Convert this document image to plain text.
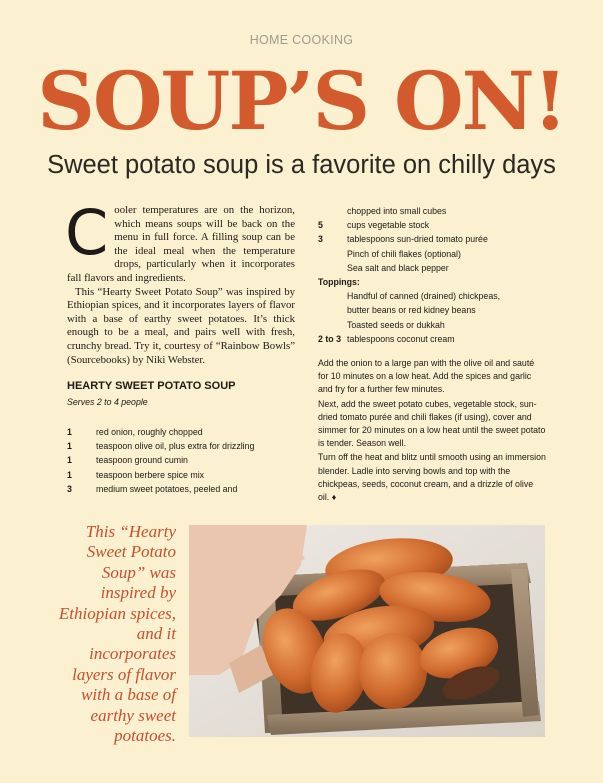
HOME COOKING
SOUP’S ON!
Sweet potato soup is a favorite on chilly days
C ooler temperatures are on the horizon, which means soups will be back on the menu in full force. A filling soup can be the ideal meal when the temperature drops, particularly when it incorporates fall flavors and ingredients.

This “Hearty Sweet Potato Soup” was inspired by Ethiopian spices, and it incorporates layers of flavor with a base of earthy sweet potatoes. It’s thick enough to be a meal, and pairs well with fresh, crunchy bread. Try it, courtesy of “Rainbow Bowls” (Sourcebooks) by Niki Webster.

HEARTY SWEET POTATO SOUP
Serves 2 to 4 people
1	red onion, roughly chopped
1	teaspoon olive oil, plus extra for drizzling
1	teaspoon ground cumin
1	teaspoon berbere spice mix
3	medium sweet potatoes, peeled and
chopped into small cubes
5	cups vegetable stock
3	tablespoons sun-dried tomato purée
Pinch of chili flakes (optional)
Sea salt and black pepper
Toppings:
Handful of canned (drained) chickpeas,
butter beans or red kidney beans
Toasted seeds or dukkah
2 to 3 tablespoons coconut cream

Add the onion to a large pan with the olive oil and sauté for 10 minutes on a low heat. Add the spices and garlic and fry for a further few minutes.

Next, add the sweet potato cubes, vegetable stock, sun-dried tomato purée and chili flakes (if using), cover and simmer for 20 minutes on a low heat until the sweet potato is tender. Season well.

Turn off the heat and blitz until smooth using an immersion blender. Ladle into serving bowls and top with the chickpeas, seeds, coconut cream, and a drizzle of olive oil. ♦

This “Hearty Sweet Potato Soup” was inspired by Ethiopian spices, and it incorporates layers of flavor with a base of earthy sweet potatoes.
